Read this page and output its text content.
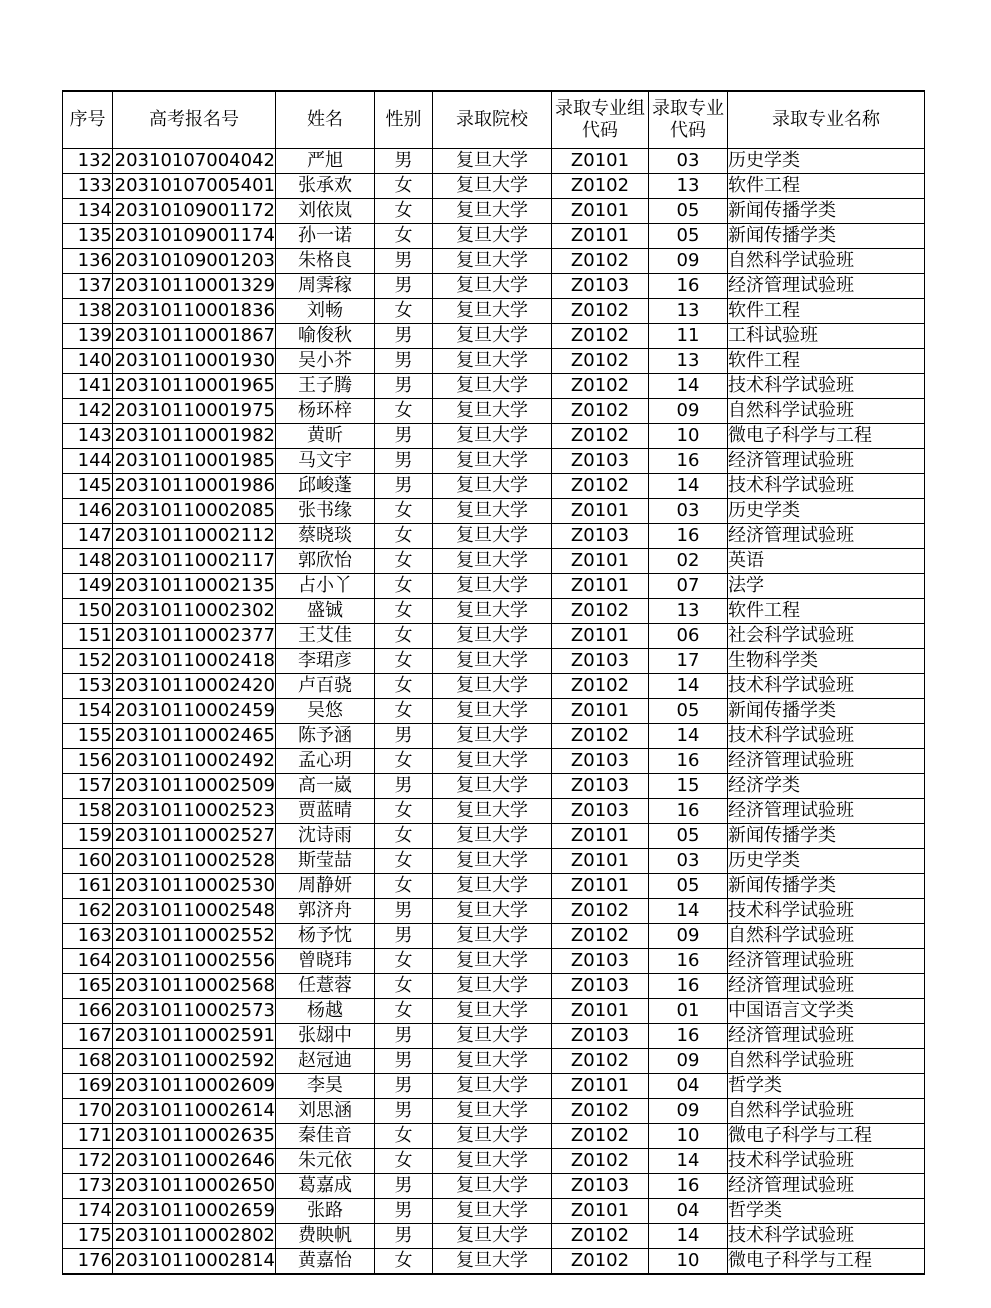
序号	高考报名号	姓名	性别	录取院校	录取专业组代码	录取专业代码	录取专业名称
132	20310107004042	严旭	男	复旦大学	Z0101	03	历史学类
133	20310107005401	张承欢	女	复旦大学	Z0102	13	软件工程
134	20310109001172	刘依岚	女	复旦大学	Z0101	05	新闻传播学类
135	20310109001174	孙一诺	女	复旦大学	Z0101	05	新闻传播学类
136	20310109001203	朱格良	男	复旦大学	Z0102	09	自然科学试验班
137	20310110001329	周霁稼	男	复旦大学	Z0103	16	经济管理试验班
138	20310110001836	刘畅	女	复旦大学	Z0102	13	软件工程
139	20310110001867	喻俊秋	男	复旦大学	Z0102	11	工科试验班
140	20310110001930	吴小芥	男	复旦大学	Z0102	13	软件工程
141	20310110001965	王子腾	男	复旦大学	Z0102	14	技术科学试验班
142	20310110001975	杨环梓	女	复旦大学	Z0102	09	自然科学试验班
143	20310110001982	黄昕	男	复旦大学	Z0102	10	微电子科学与工程
144	20310110001985	马文宇	男	复旦大学	Z0103	16	经济管理试验班
145	20310110001986	邱峻蓬	男	复旦大学	Z0102	14	技术科学试验班
146	20310110002085	张书缘	女	复旦大学	Z0101	03	历史学类
147	20310110002112	蔡晓琰	女	复旦大学	Z0103	16	经济管理试验班
148	20310110002117	郭欣怡	女	复旦大学	Z0101	02	英语
149	20310110002135	占小丫	女	复旦大学	Z0101	07	法学
150	20310110002302	盛铖	女	复旦大学	Z0102	13	软件工程
151	20310110002377	王艾佳	女	复旦大学	Z0101	06	社会科学试验班
152	20310110002418	李珺彦	女	复旦大学	Z0103	17	生物科学类
153	20310110002420	卢百骁	女	复旦大学	Z0102	14	技术科学试验班
154	20310110002459	吴悠	女	复旦大学	Z0101	05	新闻传播学类
155	20310110002465	陈予涵	男	复旦大学	Z0102	14	技术科学试验班
156	20310110002492	孟心玥	女	复旦大学	Z0103	16	经济管理试验班
157	20310110002509	高一崴	男	复旦大学	Z0103	15	经济学类
158	20310110002523	贾蓝晴	女	复旦大学	Z0103	16	经济管理试验班
159	20310110002527	沈诗雨	女	复旦大学	Z0101	05	新闻传播学类
160	20310110002528	斯莹喆	女	复旦大学	Z0101	03	历史学类
161	20310110002530	周静妍	女	复旦大学	Z0101	05	新闻传播学类
162	20310110002548	郭济舟	男	复旦大学	Z0102	14	技术科学试验班
163	20310110002552	杨予忱	男	复旦大学	Z0102	09	自然科学试验班
164	20310110002556	曾晓玮	女	复旦大学	Z0103	16	经济管理试验班
165	20310110002568	任薏蓉	女	复旦大学	Z0103	16	经济管理试验班
166	20310110002573	杨越	女	复旦大学	Z0101	01	中国语言文学类
167	20310110002591	张翃中	男	复旦大学	Z0103	16	经济管理试验班
168	20310110002592	赵冠迪	男	复旦大学	Z0102	09	自然科学试验班
169	20310110002609	李昊	男	复旦大学	Z0101	04	哲学类
170	20310110002614	刘思涵	男	复旦大学	Z0102	09	自然科学试验班
171	20310110002635	秦佳音	女	复旦大学	Z0102	10	微电子科学与工程
172	20310110002646	朱元依	女	复旦大学	Z0102	14	技术科学试验班
173	20310110002650	葛嘉成	男	复旦大学	Z0103	16	经济管理试验班
174	20310110002659	张路	男	复旦大学	Z0101	04	哲学类
175	20310110002802	费眏帆	男	复旦大学	Z0102	14	技术科学试验班
176	20310110002814	黄嘉怡	女	复旦大学	Z0102	10	微电子科学与工程
